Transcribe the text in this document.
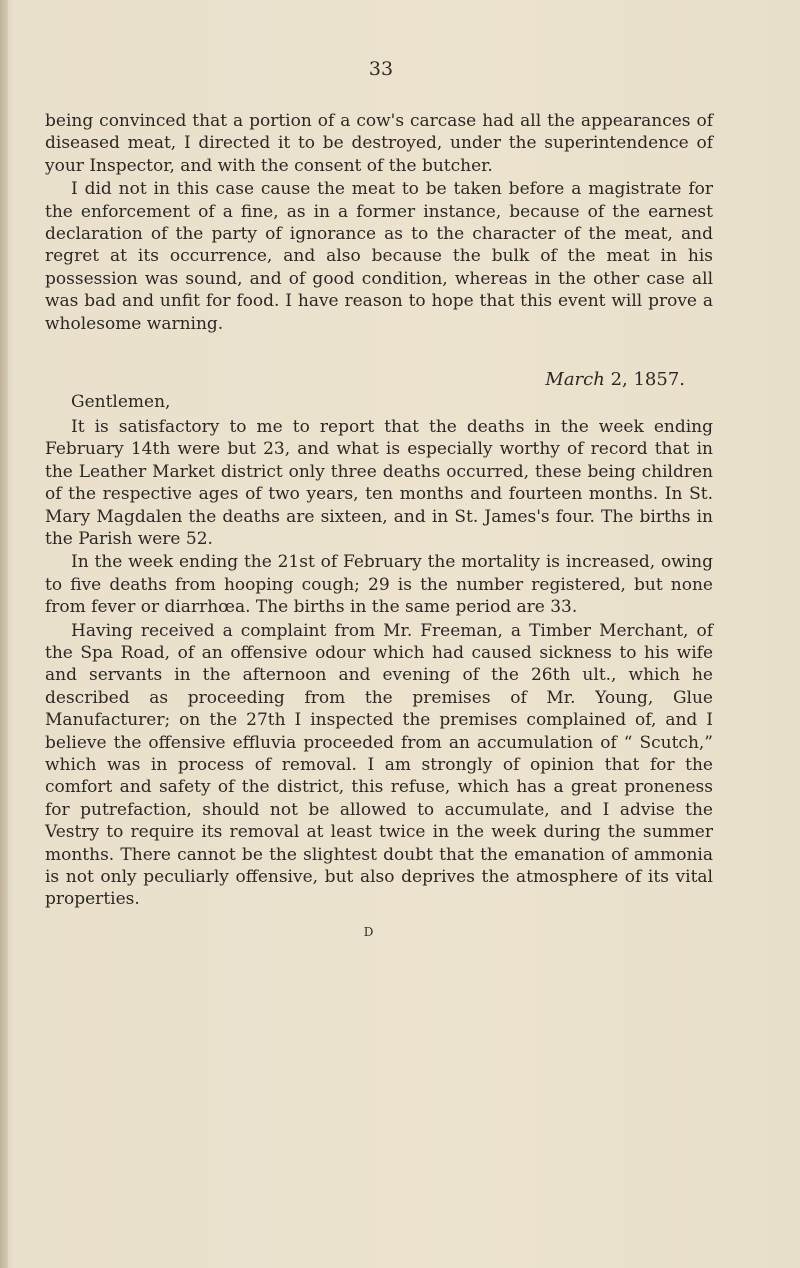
33

being convinced that a portion of a cow's carcase had all the appearances of diseased meat, I directed it to be destroyed, under the superintendence of your Inspector, and with the consent of the butcher.

I did not in this case cause the meat to be taken before a magistrate for the enforcement of a fine, as in a former instance, because of the earnest declaration of the party of ignorance as to the character of the meat, and regret at its occurrence, and also because the bulk of the meat in his possession was sound, and of good condition, whereas in the other case all was bad and unfit for food. I have reason to hope that this event will prove a wholesome warning.

March 2, 1857.

Gentlemen,

It is satisfactory to me to report that the deaths in the week ending February 14th were but 23, and what is especially worthy of record that in the Leather Market district only three deaths occurred, these being children of the respective ages of two years, ten months and fourteen months. In St. Mary Magdalen the deaths are sixteen, and in St. James's four. The births in the Parish were 52.

In the week ending the 21st of February the mortality is increased, owing to five deaths from hooping cough; 29 is the number registered, but none from fever or diarrhœa. The births in the same period are 33.

Having received a complaint from Mr. Freeman, a Timber Merchant, of the Spa Road, of an offensive odour which had caused sickness to his wife and servants in the afternoon and evening of the 26th ult., which he described as proceeding from the premises of Mr. Young, Glue Manufacturer; on the 27th I inspected the premises complained of, and I believe the offensive effluvia proceeded from an accumulation of “ Scutch,” which was in process of removal. I am strongly of opinion that for the comfort and safety of the district, this refuse, which has a great proneness for putrefaction, should not be allowed to accumulate, and I advise the Vestry to require its removal at least twice in the week during the summer months. There cannot be the slightest doubt that the emanation of ammonia is not only peculiarly offensive, but also deprives the atmosphere of its vital properties.

D
